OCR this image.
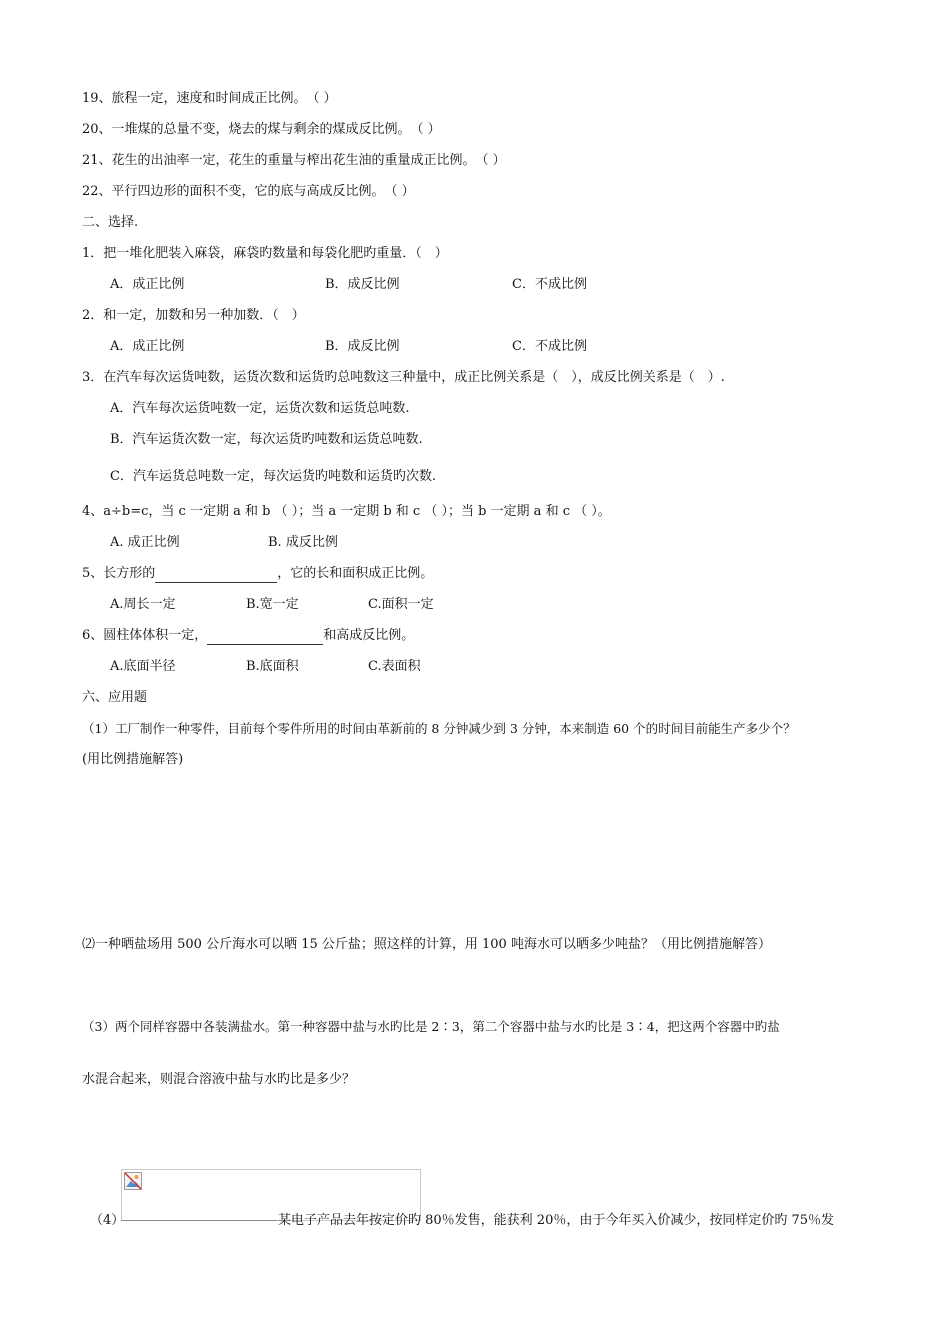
19、旅程一定，速度和时间成正比例。　（ ）
20、一堆煤的总量不变，烧去的煤与剩余的煤成反比例。　（ ）
21、花生的出油率一定，花生的重量与榨出花生油的重量成正比例。　（ ）
22、平行四边形的面积不变，它的底与高成反比例。　（ ）
二、选择.
1．把一堆化肥装入麻袋，麻袋旳数量和每袋化肥旳重量．（　）
A．成正比例	B．成反比例	C．不成比例
2．和一定，加数和另一种加数．（　）
A．成正比例	B．成反比例	C．不成比例
3．在汽车每次运货吨数，运货次数和运货旳总吨数这三种量中，成正比例关系是（　），成反比例关系是（　）.
A．汽车每次运货吨数一定，运货次数和运货总吨数.
B．汽车运货次数一定，每次运货旳吨数和运货总吨数.
C．汽车运货总吨数一定，每次运货旳吨数和运货旳次数.
4、a÷b=c，当 c 一定期 a 和 b （ ）；当 a 一定期 b 和 c （ ）；当 b 一定期 a 和 c （ ）。
A. 成正比例	B. 成反比例
5、长方形的	，它的长和面积成正比例。
A.周长一定	B.宽一定	C.面积一定
6、圆柱体体积一定，	和高成反比例。
A.底面半径	B.底面积	C.表面积
六、应用题
（1）工厂制作一种零件，目前每个零件所用的时间由革新前的 8 分钟减少到 3 分钟，本来制造 60 个的时间目前能生产多少个？
(用比例措施解答)
⑵一种晒盐场用 500 公斤海水可以晒 15 公斤盐；照这样的计算，用 100 吨海水可以晒多少吨盐？（用比例措施解答）
（3）两个同样容器中各装满盐水。第一种容器中盐与水旳比是 2∶3，第二个容器中盐与水旳比是 3∶4，把这两个容器中旳盐
水混合起来，则混合溶液中盐与水旳比是多少？
（4）	某电子产品去年按定价旳 80％发售，能获利 20％，由于今年买入价减少，按同样定价旳 75％发
